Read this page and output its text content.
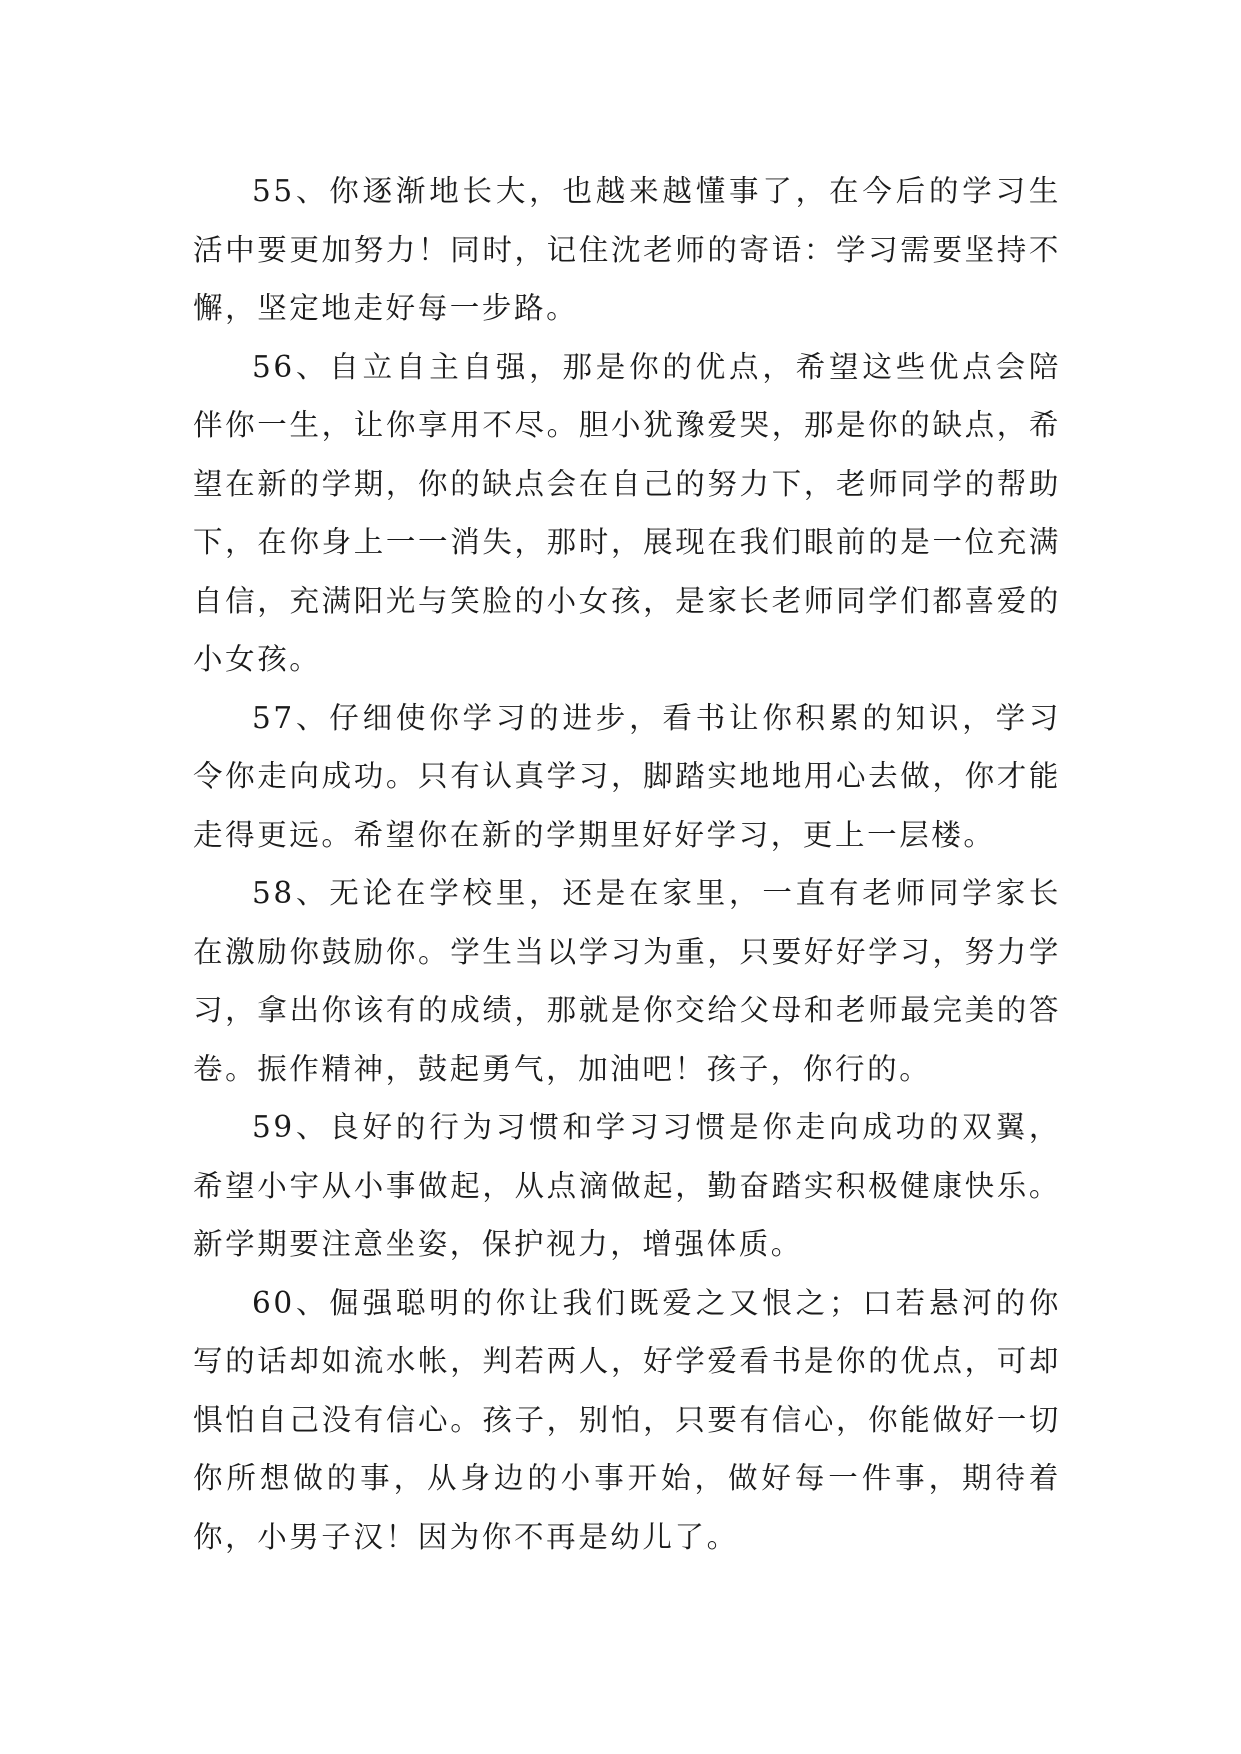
55、你逐渐地长大，也越来越懂事了，在今后的学习生活中要更加努力！同时，记住沈老师的寄语：学习需要坚持不懈，坚定地走好每一步路。

56、自立自主自强，那是你的优点，希望这些优点会陪伴你一生，让你享用不尽。胆小犹豫爱哭，那是你的缺点，希望在新的学期，你的缺点会在自己的努力下，老师同学的帮助下，在你身上一一消失，那时，展现在我们眼前的是一位充满自信，充满阳光与笑脸的小女孩，是家长老师同学们都喜爱的小女孩。

57、仔细使你学习的进步，看书让你积累的知识，学习令你走向成功。只有认真学习，脚踏实地地用心去做，你才能走得更远。希望你在新的学期里好好学习，更上一层楼。

58、无论在学校里，还是在家里，一直有老师同学家长在激励你鼓励你。学生当以学习为重，只要好好学习，努力学习，拿出你该有的成绩，那就是你交给父母和老师最完美的答卷。振作精神，鼓起勇气，加油吧！孩子，你行的。

59、良好的行为习惯和学习习惯是你走向成功的双翼，希望小宇从小事做起，从点滴做起，勤奋踏实积极健康快乐。新学期要注意坐姿，保护视力，增强体质。

60、倔强聪明的你让我们既爱之又恨之；口若悬河的你写的话却如流水帐，判若两人，好学爱看书是你的优点，可却惧怕自己没有信心。孩子，别怕，只要有信心，你能做好一切你所想做的事，从身边的小事开始，做好每一件事，期待着你，小男子汉！因为你不再是幼儿了。
